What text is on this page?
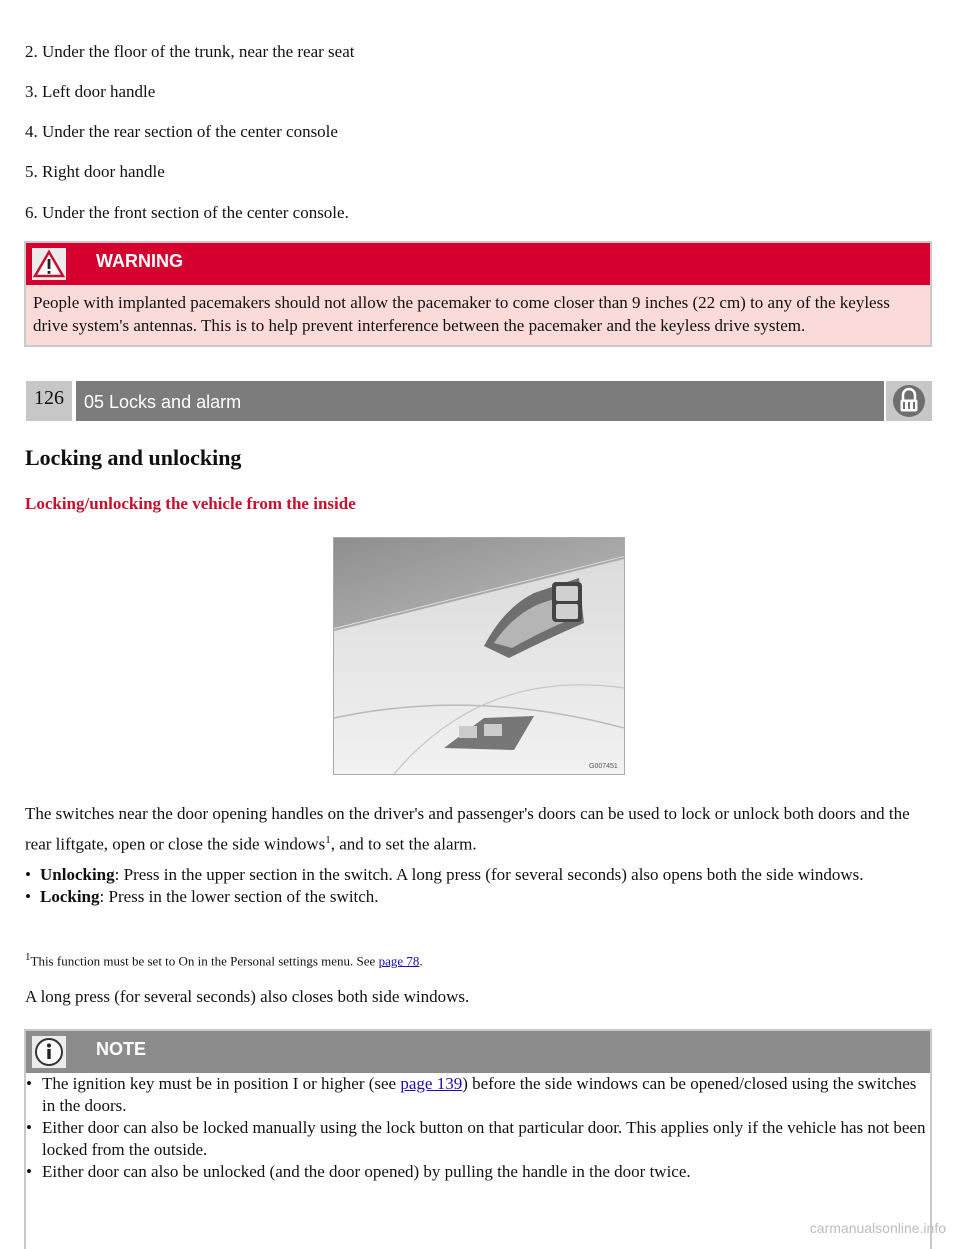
2. Under the floor of the trunk, near the rear seat
3. Left door handle
4. Under the rear section of the center console
5. Right door handle
6. Under the front section of the center console.
WARNING
People with implanted pacemakers should not allow the pacemaker to come closer than 9 inches (22 cm) to any of the keyless drive system's antennas. This is to help prevent interference between the pacemaker and the keyless drive system.
126	05 Locks and alarm
Locking and unlocking
Locking/unlocking the vehicle from the inside
G007451
The switches near the door opening handles on the driver's and passenger's doors can be used to lock or unlock both doors and the rear liftgate, open or close the side windows$^1$, and to set the alarm.
• Unlocking: Press in the upper section in the switch. A long press (for several seconds) also opens both the side windows.
• Locking: Press in the lower section of the switch.
$^1$This function must be set to On in the Personal settings menu. See page 78.
A long press (for several seconds) also closes both side windows.
NOTE
• The ignition key must be in position I or higher (see page 139) before the side windows can be opened/closed using the switches in the doors.
• Either door can also be locked manually using the lock button on that particular door. This applies only if the vehicle has not been locked from the outside.
• Either door can also be unlocked (and the door opened) by pulling the handle in the door twice.
carmanualsonline.info
